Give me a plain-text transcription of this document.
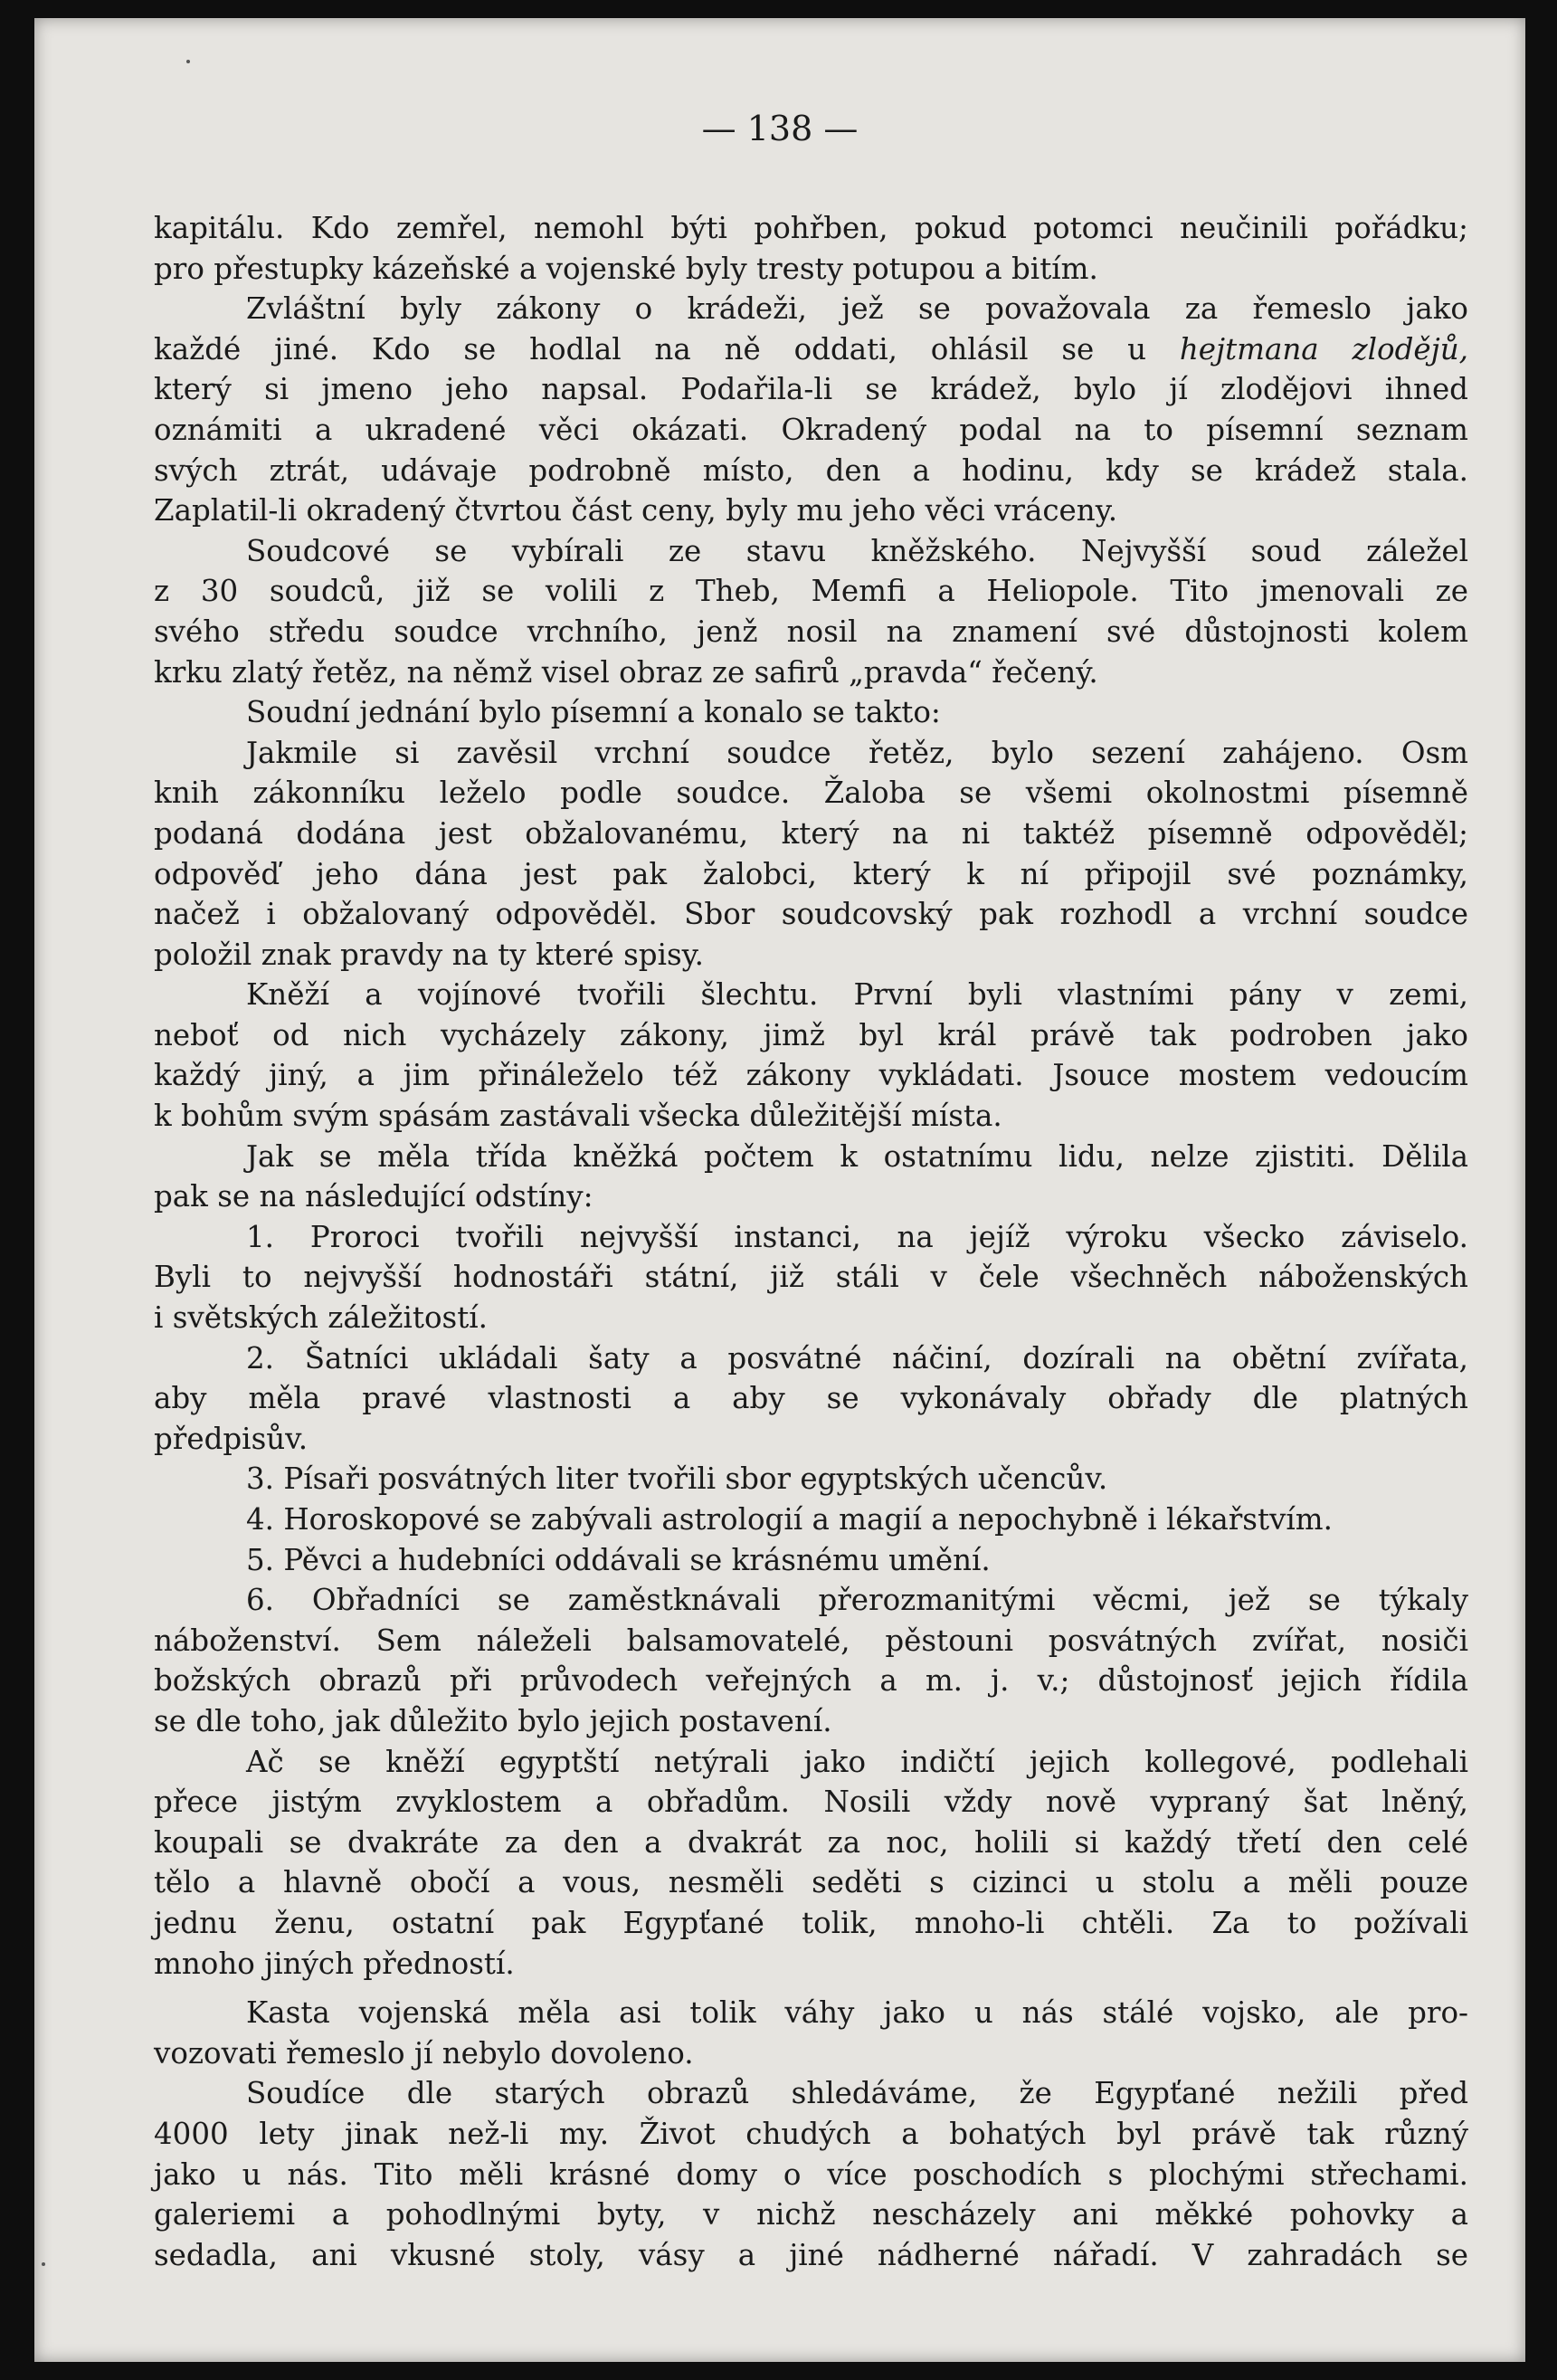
— 138 —
kapitálu. Kdo zemřel, nemohl býti pohřben, pokud potomci neučinili pořádku;
pro přestupky kázeňské a vojenské byly tresty potupou a bitím.
Zvláštní byly zákony o krádeži, jež se považovala za řemeslo jako
každé jiné. Kdo se hodlal na ně oddati, ohlásil se u hejtmana zlodějů,
který si jmeno jeho napsal. Podařila-li se krádež, bylo jí zlodějovi ihned
oznámiti a ukradené věci okázati. Okradený podal na to písemní seznam
svých ztrát, udávaje podrobně místo, den a hodinu, kdy se krádež stala.
Zaplatil-li okradený čtvrtou část ceny, byly mu jeho věci vráceny.
Soudcové se vybírali ze stavu kněžského. Nejvyšší soud záležel
z 30 soudců, již se volili z Theb, Memfi a Heliopole. Tito jmenovali ze
svého středu soudce vrchního, jenž nosil na znamení své důstojnosti kolem
krku zlatý řetěz, na němž visel obraz ze safirů „pravda“ řečený.
Soudní jednání bylo písemní a konalo se takto:
Jakmile si zavěsil vrchní soudce řetěz, bylo sezení zahájeno. Osm
knih zákonníku leželo podle soudce. Žaloba se všemi okolnostmi písemně
podaná dodána jest obžalovanému, který na ni taktéž písemně odpověděl;
odpověď jeho dána jest pak žalobci, který k ní připojil své poznámky,
načež i obžalovaný odpověděl. Sbor soudcovský pak rozhodl a vrchní soudce
položil znak pravdy na ty které spisy.
Kněží a vojínové tvořili šlechtu. První byli vlastními pány v zemi,
neboť od nich vycházely zákony, jimž byl král právě tak podroben jako
každý jiný, a jim přináleželo též zákony vykládati. Jsouce mostem vedoucím
k bohům svým spásám zastávali všecka důležitější místa.
Jak se měla třída kněžká počtem k ostatnímu lidu, nelze zjistiti. Dělila
pak se na následující odstíny:
1. Proroci tvořili nejvyšší instanci, na jejíž výroku všecko záviselo.
Byli to nejvyšší hodnostáři státní, již stáli v čele všechněch náboženských
i světských záležitostí.
2. Šatníci ukládali šaty a posvátné náčiní, dozírali na obětní zvířata,
aby měla pravé vlastnosti a aby se vykonávaly obřady dle platných
předpisův.
3. Písaři posvátných liter tvořili sbor egyptských učencův.
4. Horoskopové se zabývali astrologií a magií a nepochybně i lékařstvím.
5. Pěvci a hudebníci oddávali se krásnému umění.
6. Obřadníci se zaměstknávali přerozmanitými věcmi, jež se týkaly
náboženství. Sem náleželi balsamovatelé, pěstouni posvátných zvířat, nosiči
božských obrazů při průvodech veřejných a m. j. v.; důstojnosť jejich řídila
se dle toho, jak důležito bylo jejich postavení.
Ač se kněží egyptští netýrali jako indičtí jejich kollegové, podlehali
přece jistým zvyklostem a obřadům. Nosili vždy nově vypraný šat lněný,
koupali se dvakráte za den a dvakrát za noc, holili si každý třetí den celé
tělo a hlavně obočí a vous, nesměli seděti s cizinci u stolu a měli pouze
jednu ženu, ostatní pak Egypťané tolik, mnoho-li chtěli. Za to požívali
mnoho jiných předností.
Kasta vojenská měla asi tolik váhy jako u nás stálé vojsko, ale pro-
vozovati řemeslo jí nebylo dovoleno.
Soudíce dle starých obrazů shledáváme, že Egypťané nežili před
4000 lety jinak než-li my. Život chudých a bohatých byl právě tak různý
jako u nás. Tito měli krásné domy o více poschodích s plochými střechami.
galeriemi a pohodlnými byty, v nichž nescházely ani měkké pohovky a
sedadla, ani vkusné stoly, vásy a jiné nádherné nářadí. V zahradách se
